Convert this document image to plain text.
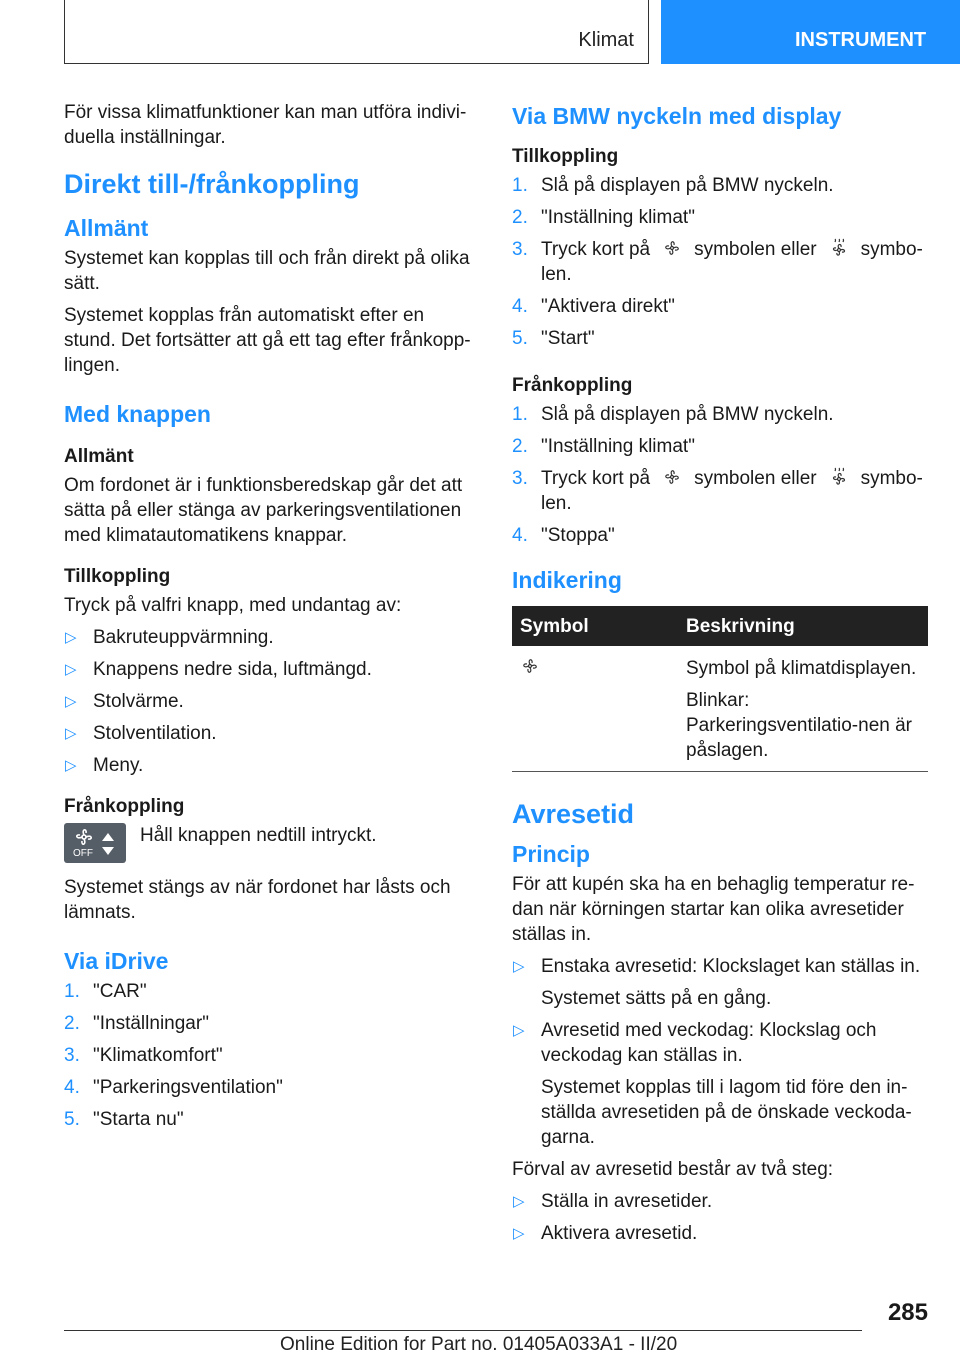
Klimat	INSTRUMENT

För vissa klimatfunktioner kan man utföra indivi-duella inställningar.

Direkt till-/frånkoppling
Allmänt

Systemet kan kopplas till och från direkt på olika sätt.

Systemet kopplas från automatiskt efter en stund. Det fortsätter att gå ett tag efter frånkopp-lingen.

Med knappen
Allmänt

Om fordonet är i funktionsberedskap går det att sätta på eller stänga av parkeringsventilationen med klimatautomatikens knappar.

Tillkoppling

Tryck på valfri knapp, med undantag av:

▷ Bakruteuppvärmning.
▷ Knappens nedre sida, luftmängd.
▷ Stolvärme.
▷ Stolventilation.
▷ Meny.
Frånkoppling
OFF
Håll knappen nedtill intryckt.

Systemet stängs av när fordonet har låsts och lämnats.

Via iDrive
1. "CAR"
2. "Inställningar"
3. "Klimatkomfort"
4. "Parkeringsventilation"
5. "Starta nu"
Via BMW nyckeln med display
Tillkoppling
1. Slå på displayen på BMW nyckeln.
2. "Inställning klimat"
3. Tryck kort på symbolen eller symbo-len.
4. "Aktivera direkt"
5. "Start"
Frånkoppling
1. Slå på displayen på BMW nyckeln.
2. "Inställning klimat"
3. Tryck kort på symbolen eller symbo-len.
4. "Stoppa"
Indikering
Symbol	Beskrivning

Symbol på klimatdisplayen.

Blinkar: Parkeringsventilatio-nen är påslagen.

Avresetid
Princip

För att kupén ska ha en behaglig temperatur re-dan när körningen startar kan olika avresetider ställas in.

▷ Enstaka avresetid: Klockslaget kan ställas in.

Systemet sätts på en gång.

▷ Avresetid med veckodag: Klockslag och veckodag kan ställas in.

Systemet kopplas till i lagom tid före den in-ställda avresetiden på de önskade veckoda-garna.

Förval av avresetid består av två steg:

▷ Ställa in avresetider.
▷ Aktivera avresetid.
285
Online Edition for Part no. 01405A033A1 - II/20
